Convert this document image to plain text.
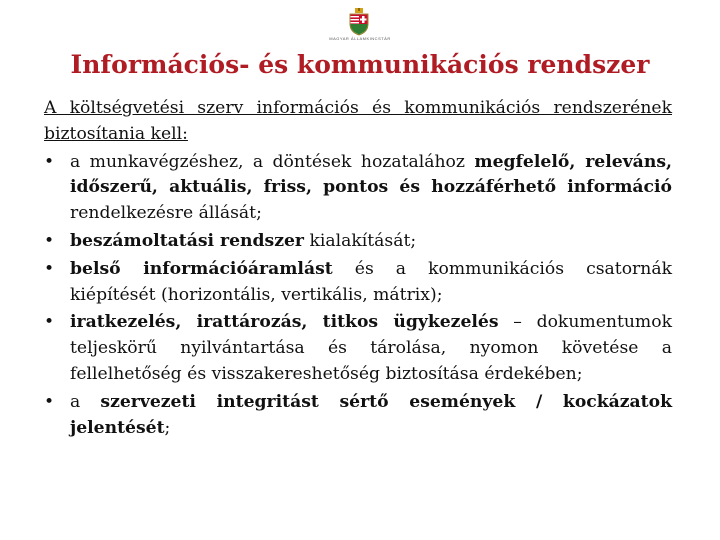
MAGYAR ÁLLAMKINCSTÁR
Információs- és kommunikációs rendszer

A költségvetési szerv információs és kommunikációs rendszerének biztosítania kell:

• a munkavégzéshez, a döntések hozatalához megfelelő, releváns, időszerű, aktuális, friss, pontos és hozzáférhető információ rendelkezésre állását;
• beszámoltatási rendszer kialakítását;
• belső információáramlást és a kommunikációs csatornák kiépítését (horizontális, vertikális, mátrix);
• iratkezelés, irattározás, titkos ügykezelés – dokumentumok teljeskörű nyilvántartása és tárolása, nyomon követése a fellelhetőség és visszakereshetőség biztosítása érdekében;
• a szervezeti integritást sértő események / kockázatok jelentését;
